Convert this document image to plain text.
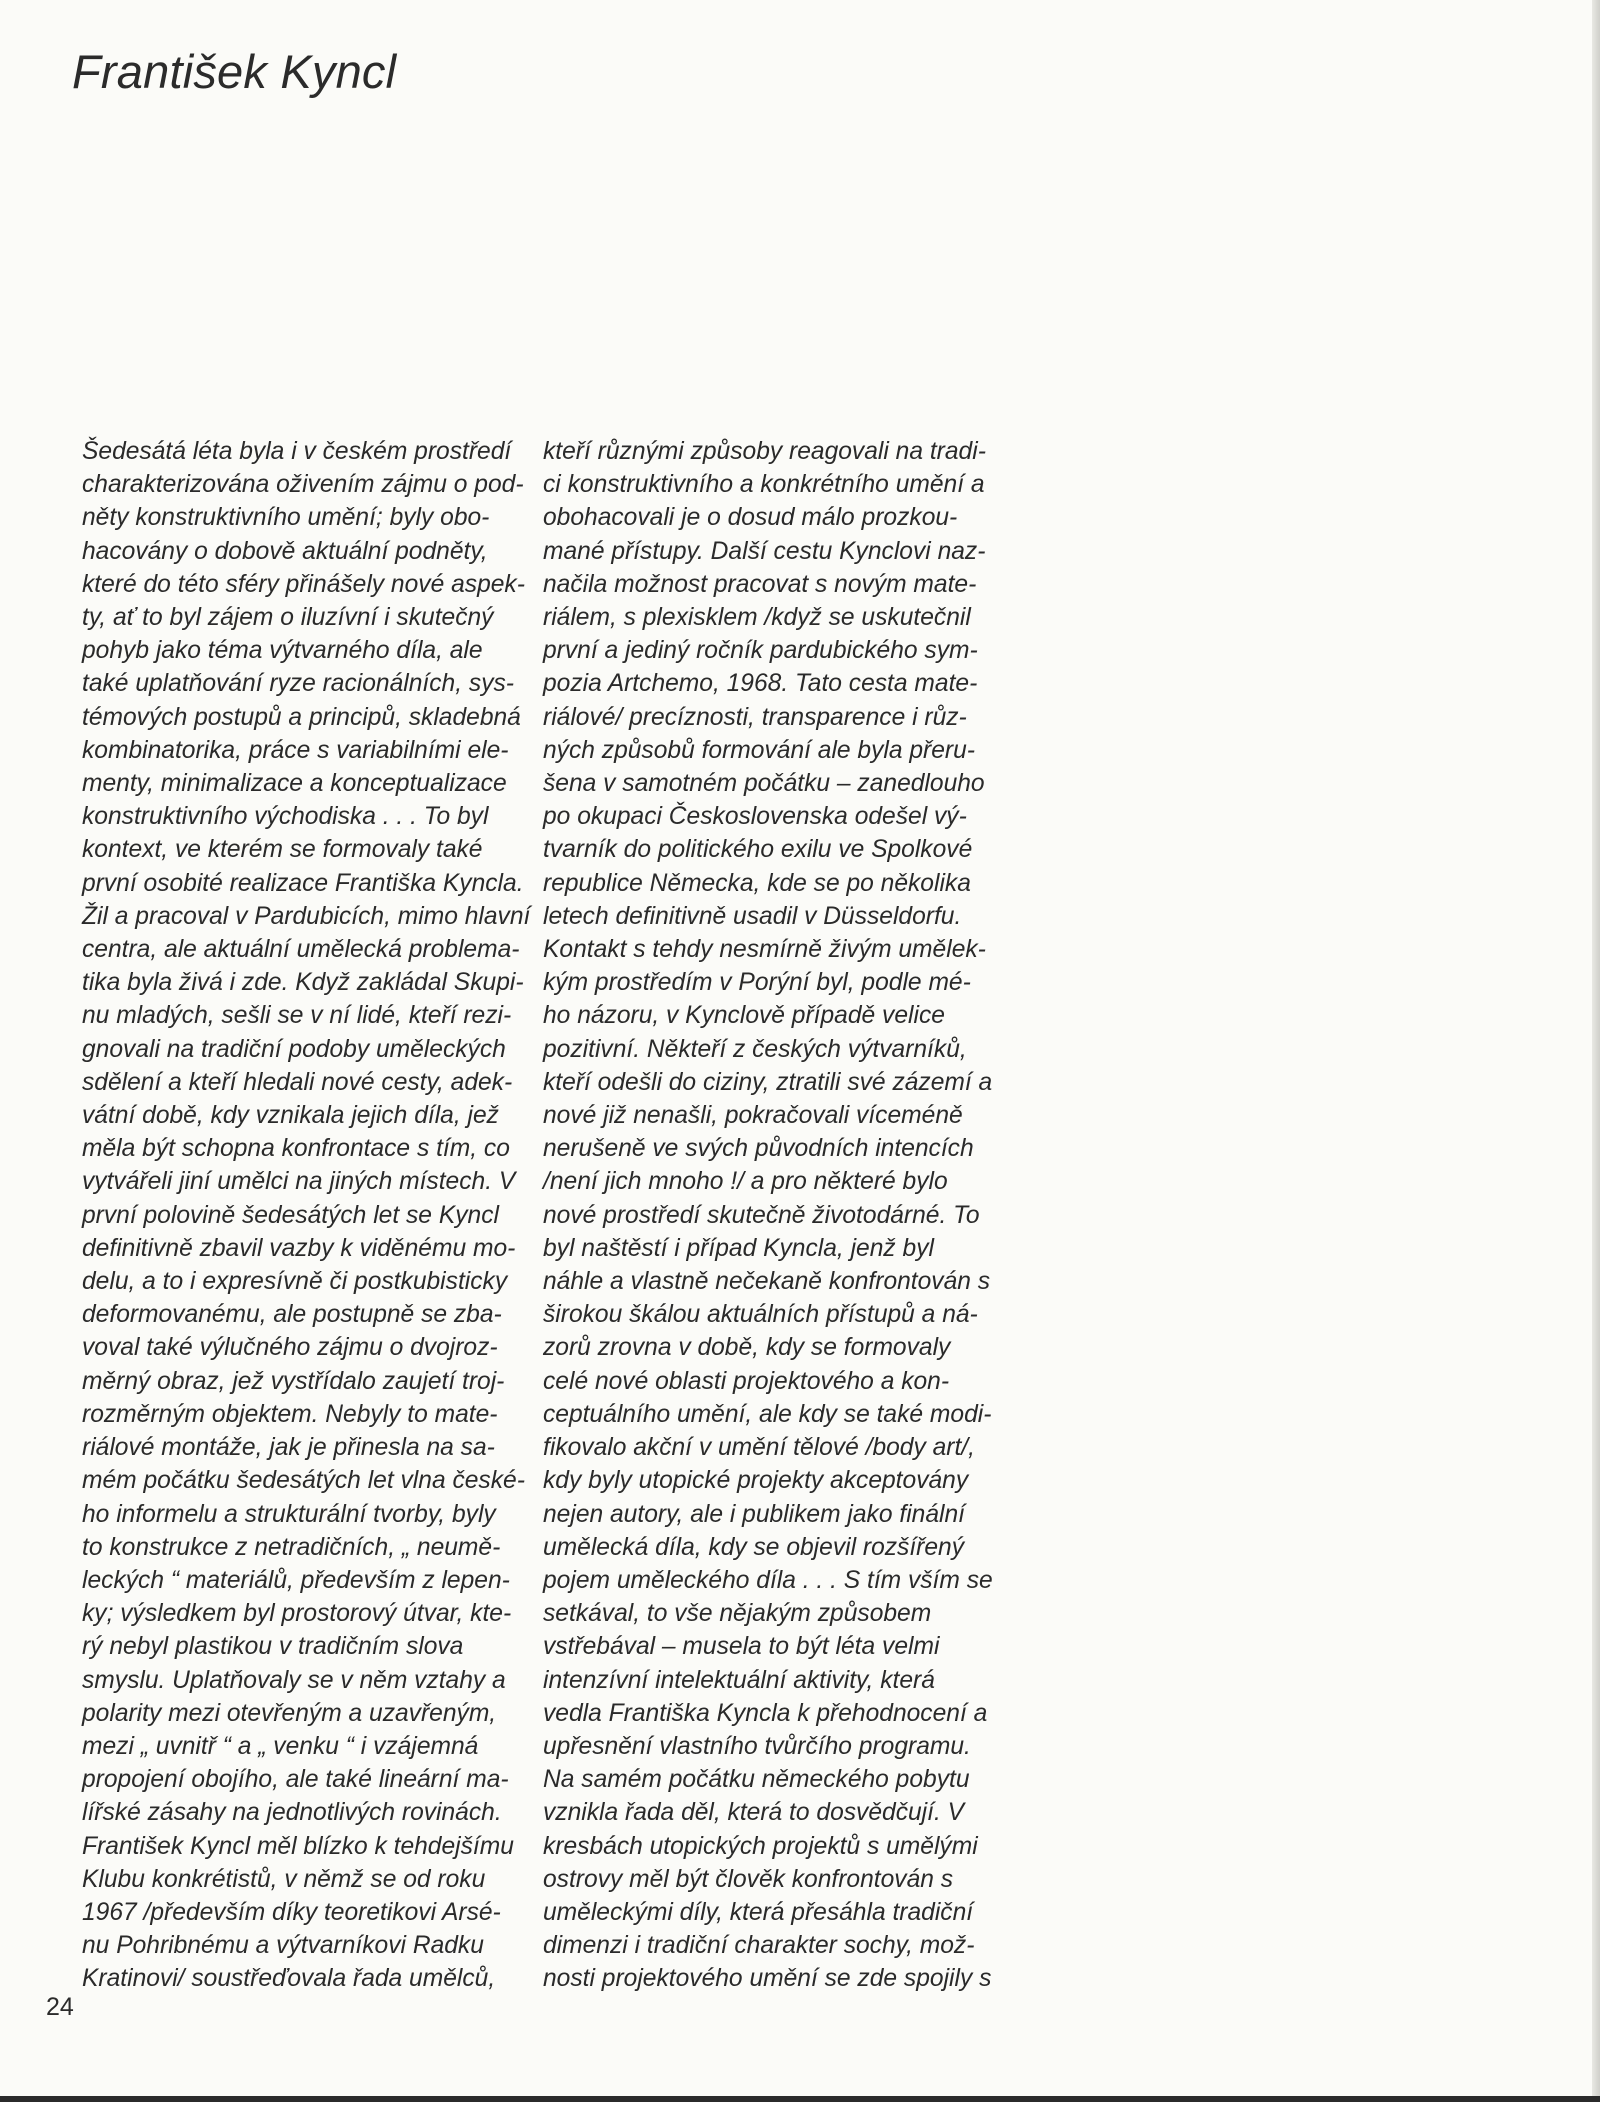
František Kyncl
Šedesátá léta byla i v českém prostředí
charakterizována oživením zájmu o pod-
něty konstruktivního umění; byly obo-
hacovány o dobově aktuální podněty,
které do této sféry přinášely nové aspek-
ty, ať to byl zájem o iluzívní i skutečný
pohyb jako téma výtvarného díla, ale
také uplatňování ryze racionálních, sys-
témových postupů a principů, skladebná
kombinatorika, práce s variabilními ele-
menty, minimalizace a konceptualizace
konstruktivního východiska . . . To byl
kontext, ve kterém se formovaly také
první osobité realizace Františka Kyncla.
Žil a pracoval v Pardubicích, mimo hlavní
centra, ale aktuální umělecká problema-
tika byla živá i zde. Když zakládal Skupi-
nu mladých, sešli se v ní lidé, kteří rezi-
gnovali na tradiční podoby uměleckých
sdělení a kteří hledali nové cesty, adek-
vátní době, kdy vznikala jejich díla, jež
měla být schopna konfrontace s tím, co
vytvářeli jiní umělci na jiných místech. V
první polovině šedesátých let se Kyncl
definitivně zbavil vazby k viděnému mo-
delu, a to i expresívně či postkubisticky
deformovanému, ale postupně se zba-
voval také výlučného zájmu o dvojroz-
měrný obraz, jež vystřídalo zaujetí troj-
rozměrným objektem. Nebyly to mate-
riálové montáže, jak je přinesla na sa-
mém počátku šedesátých let vlna české-
ho informelu a strukturální tvorby, byly
to konstrukce z netradičních, „ neumě-
leckých “ materiálů, především z lepen-
ky; výsledkem byl prostorový útvar, kte-
rý nebyl plastikou v tradičním slova
smyslu. Uplatňovaly se v něm vztahy a
polarity mezi otevřeným a uzavřeným,
mezi „ uvnitř “ a „ venku “ i vzájemná
propojení obojího, ale také lineární ma-
lířské zásahy na jednotlivých rovinách.
František Kyncl měl blízko k tehdejšímu
Klubu konkrétistů, v němž se od roku
1967 /především díky teoretikovi Arsé-
nu Pohribnému a výtvarníkovi Radku
Kratinovi/ soustřeďovala řada umělců,
kteří různými způsoby reagovali na tradi-
ci konstruktivního a konkrétního umění a
obohacovali je o dosud málo prozkou-
mané přístupy. Další cestu Kynclovi naz-
načila možnost pracovat s novým mate-
riálem, s plexisklem /když se uskutečnil
první a jediný ročník pardubického sym-
pozia Artchemo, 1968. Tato cesta mate-
riálové/ precíznosti, transparence i růz-
ných způsobů formování ale byla přeru-
šena v samotném počátku – zanedlouho
po okupaci Československa odešel vý-
tvarník do politického exilu ve Spolkové
republice Německa, kde se po několika
letech definitivně usadil v Düsseldorfu.
Kontakt s tehdy nesmírně živým umělek-
kým prostředím v Porýní byl, podle mé-
ho názoru, v Kynclově případě velice
pozitivní. Někteří z českých výtvarníků,
kteří odešli do ciziny, ztratili své zázemí a
nové již nenašli, pokračovali víceméně
nerušeně ve svých původních intencích
/není jich mnoho !/ a pro některé bylo
nové prostředí skutečně životodárné. To
byl naštěstí i případ Kyncla, jenž byl
náhle a vlastně nečekaně konfrontován s
širokou škálou aktuálních přístupů a ná-
zorů zrovna v době, kdy se formovaly
celé nové oblasti projektového a kon-
ceptuálního umění, ale kdy se také modi-
fikovalo akční v umění tělové /body art/,
kdy byly utopické projekty akceptovány
nejen autory, ale i publikem jako finální
umělecká díla, kdy se objevil rozšířený
pojem uměleckého díla . . . S tím vším se
setkával, to vše nějakým způsobem
vstřebával – musela to být léta velmi
intenzívní intelektuální aktivity, která
vedla Františka Kyncla k přehodnocení a
upřesnění vlastního tvůrčího programu.
Na samém počátku německého pobytu
vznikla řada děl, která to dosvědčují. V
kresbách utopických projektů s umělými
ostrovy měl být člověk konfrontován s
uměleckými díly, která přesáhla tradiční
dimenzi i tradiční charakter sochy, mož-
nosti projektového umění se zde spojily s
24
